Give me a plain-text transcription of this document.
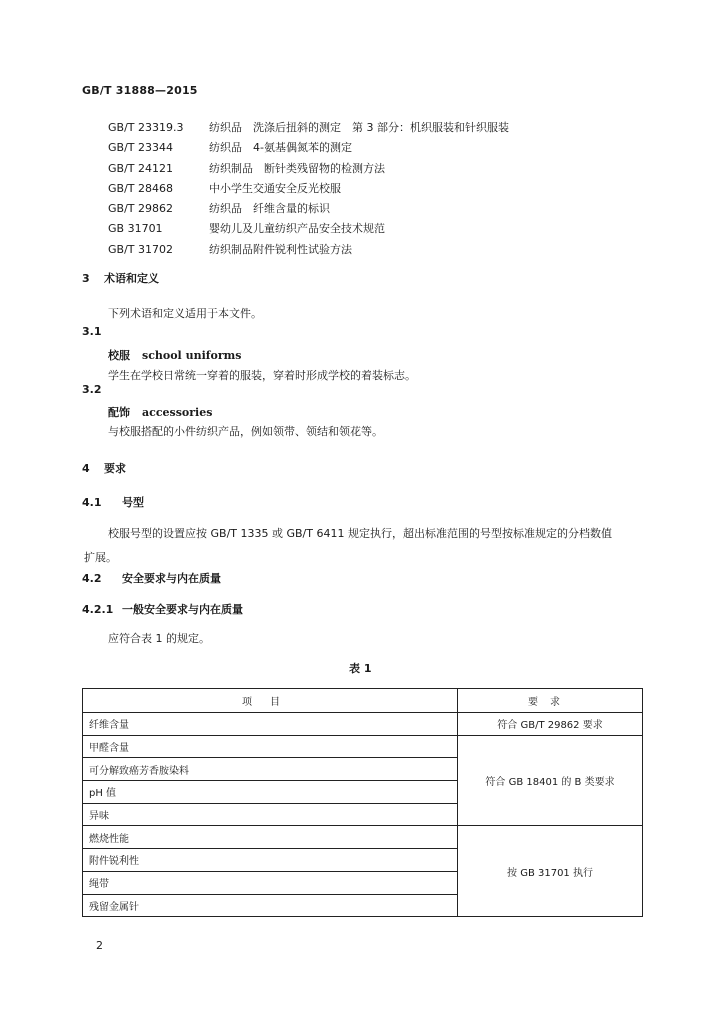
GB/T 31888—2015
GB/T 23319.3　 纺织品　洗涤后扭斜的测定　第 3 部分：机织服装和针织服装
GB/T 23344　	纺织品　4-氨基偶氮苯的测定
GB/T 24121　	纺织制品　断针类残留物的检测方法
GB/T 28468　	中小学生交通安全反光校服
GB/T 29862　	纺织品　纤维含量的标识
GB 31701　	婴幼儿及儿童纺织产品安全技术规范
GB/T 31702　	纺织制品附件锐利性试验方法
3 术语和定义
下列术语和定义适用于本文件。
3.1
校服 school uniforms
学生在学校日常统一穿着的服装，穿着时形成学校的着装标志。
3.2
配饰 accessories
与校服搭配的小件纺织产品，例如领带、领结和领花等。
4 要求
4.1 号型
校服号型的设置应按 GB/T 1335 或 GB/T 6411 规定执行，超出标准范围的号型按标准规定的分档数值扩展。
4.2 安全要求与内在质量
4.2.1 一般安全要求与内在质量
应符合表 1 的规定。
表 1
项目	要求
纤维含量	符合 GB/T 29862 要求
甲醛含量	符合 GB 18401 的 B 类要求
可分解致癌芳香胺染料	
pH 值	
异味	
燃烧性能	按 GB 31701 执行
附件锐利性	
绳带	
残留金属针	
2
